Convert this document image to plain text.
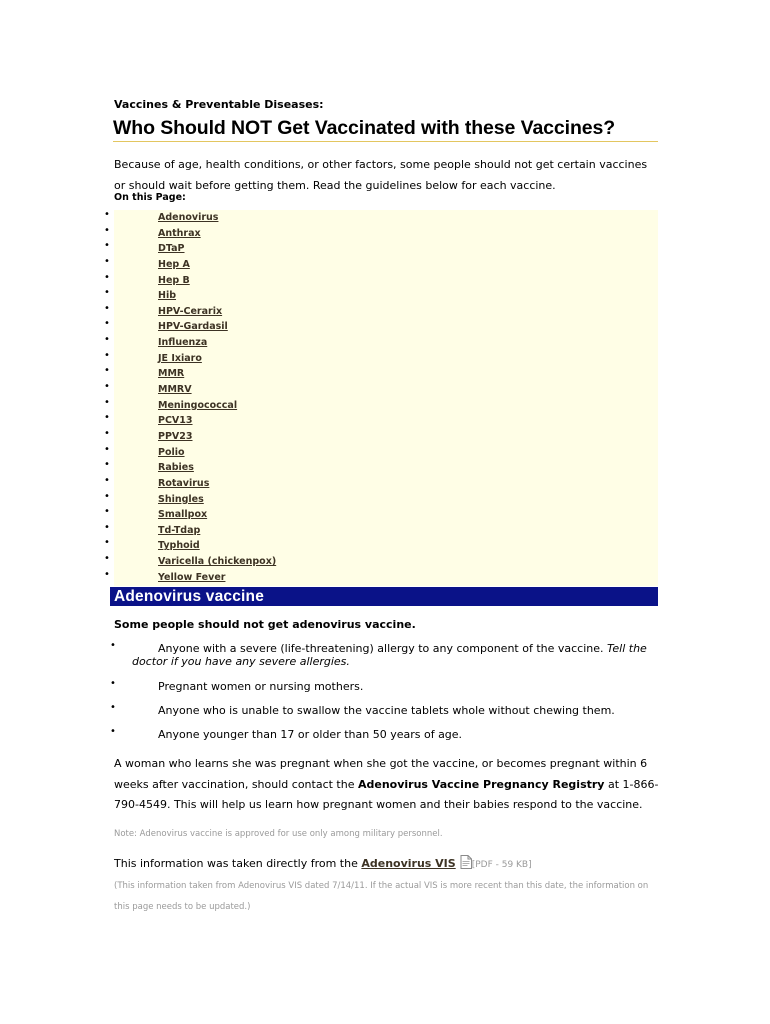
Vaccines & Preventable Diseases:
Who Should NOT Get Vaccinated with these Vaccines?
Because of age, health conditions, or other factors, some people should not get certain vaccines or should wait before getting them. Read the guidelines below for each vaccine.
On this Page:
•	Adenovirus
•	Anthrax
•	DTaP
•	Hep A
•	Hep B
•	Hib
•	HPV-Cerarix
•	HPV-Gardasil
•	Influenza
•	JE Ixiaro
•	MMR
•	MMRV
•	Meningococcal
•	PCV13
•	PPV23
•	Polio
•	Rabies
•	Rotavirus
•	Shingles
•	Smallpox
•	Td-Tdap
•	Typhoid
•	Varicella (chickenpox)
•	Yellow Fever
Adenovirus vaccine
Some people should not get adenovirus vaccine.
•	Anyone with a severe (life-threatening) allergy to any component of the vaccine. Tell the doctor if you have any severe allergies.
•	Pregnant women or nursing mothers.
•	Anyone who is unable to swallow the vaccine tablets whole without chewing them.
•	Anyone younger than 17 or older than 50 years of age.
A woman who learns she was pregnant when she got the vaccine, or becomes pregnant within 6 weeks after vaccination, should contact the Adenovirus Vaccine Pregnancy Registry at 1-866-790-4549. This will help us learn how pregnant women and their babies respond to the vaccine.
Note: Adenovirus vaccine is approved for use only among military personnel.
This information was taken directly from the Adenovirus VIS [PDF - 59 KB]
(This information taken from Adenovirus VIS dated 7/14/11. If the actual VIS is more recent than this date, the information on this page needs to be updated.)
